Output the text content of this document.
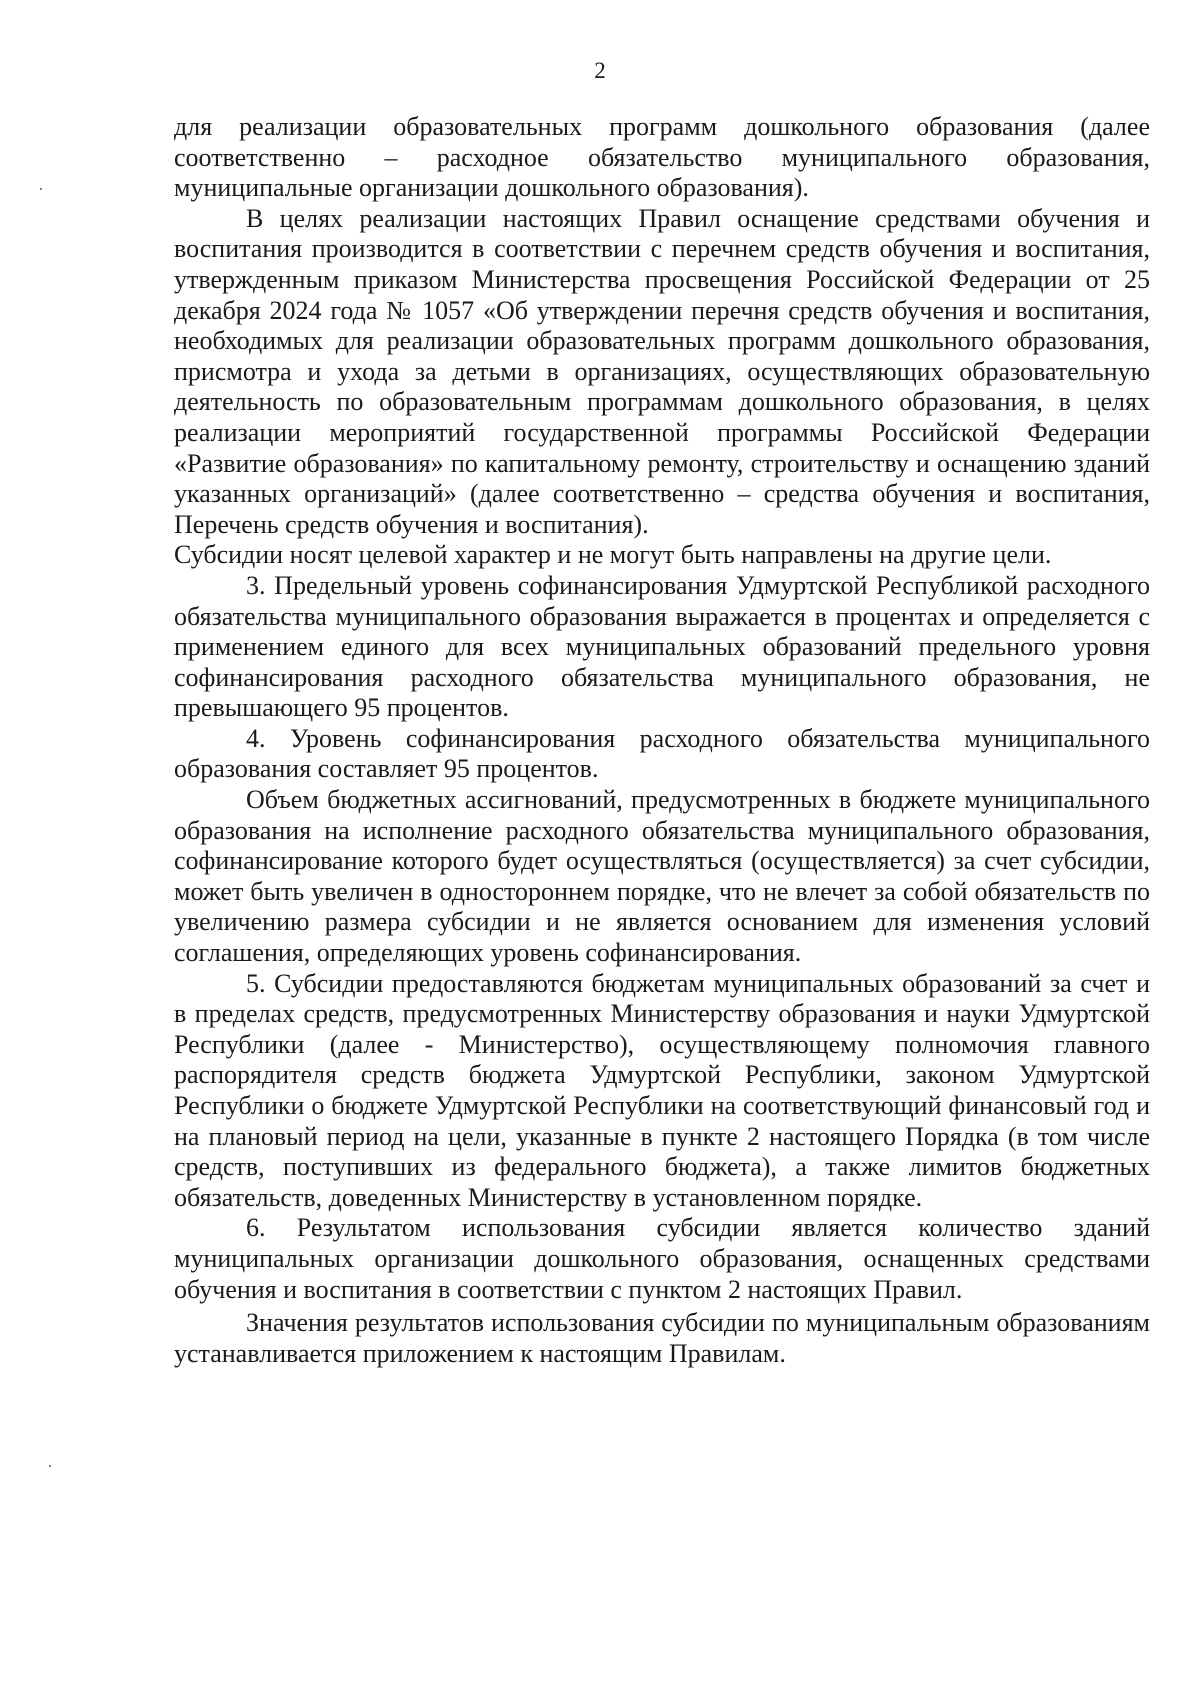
2

для реализации образовательных программ дошкольного образования (далее соответственно – расходное обязательство муниципального образования, муниципальные организации дошкольного образования).

В целях реализации настоящих Правил оснащение средствами обучения и воспитания производится в соответствии с перечнем средств обучения и воспитания, утвержденным приказом Министерства просвещения Российской Федерации от 25 декабря 2024 года № 1057 «Об утверждении перечня средств обучения и воспитания, необходимых для реализации образовательных программ дошкольного образования, присмотра и ухода за детьми в организациях, осуществляющих образовательную деятельность по образовательным программам дошкольного образования, в целях реализации мероприятий государственной программы Российской Федерации «Развитие образования» по капитальному ремонту, строительству и оснащению зданий указанных организаций» (далее соответственно – средства обучения и воспитания, Перечень средств обучения и воспитания).

Субсидии носят целевой характер и не могут быть направлены на другие цели.

3. Предельный уровень софинансирования Удмуртской Республикой расходного обязательства муниципального образования выражается в процентах и определяется с применением единого для всех муниципальных образований предельного уровня софинансирования расходного обязательства муниципального образования, не превышающего 95 процентов.

4. Уровень софинансирования расходного обязательства муниципального образования составляет 95 процентов.

Объем бюджетных ассигнований, предусмотренных в бюджете муниципального образования на исполнение расходного обязательства муниципального образования, софинансирование которого будет осуществляться (осуществляется) за счет субсидии, может быть увеличен в одностороннем порядке, что не влечет за собой обязательств по увеличению размера субсидии и не является основанием для изменения условий соглашения, определяющих уровень софинансирования.

5. Субсидии предоставляются бюджетам муниципальных образований за счет и в пределах средств, предусмотренных Министерству образования и науки Удмуртской Республики (далее - Министерство), осуществляющему полномочия главного распорядителя средств бюджета Удмуртской Республики, законом Удмуртской Республики о бюджете Удмуртской Республики на соответствующий финансовый год и на плановый период на цели, указанные в пункте 2 настоящего Порядка (в том числе средств, поступивших из федерального бюджета), а также лимитов бюджетных обязательств, доведенных Министерству в установленном порядке.

6. Результатом использования субсидии является количество зданий муниципальных организации дошкольного образования, оснащенных средствами обучения и воспитания в соответствии с пунктом 2 настоящих Правил.

Значения результатов использования субсидии по муниципальным образованиям устанавливается приложением к настоящим Правилам.
